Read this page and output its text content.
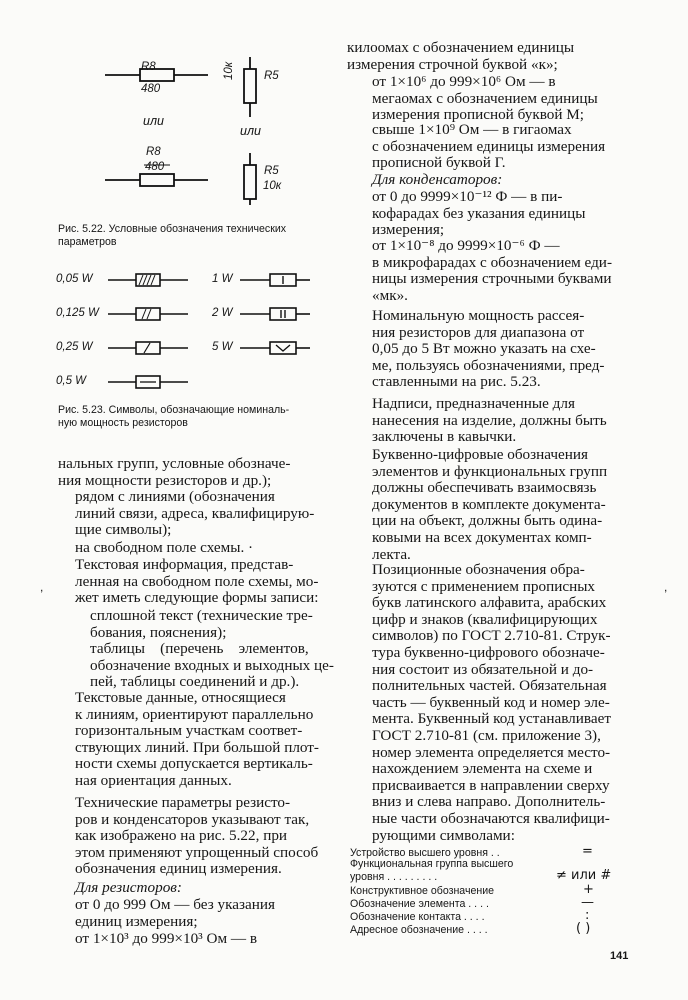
R8
480
или
R8
480
10к	R5
или
R5
10к

Рис. 5.22. Условные обозначения технических
параметров

0,05 W
0,125 W
0,25 W
0,5 W
1 W
2 W
5 W

Рис. 5.23. Символы, обозначающие номиналь-
ную мощность резисторов

нальных групп, условные обозначе-
ния мощности резисторов и др.);

рядом с линиями (обозначения
линий связи, адреса, квалифицирую-
щие символы);

на свободном поле схемы. ·

Текстовая информация, представ-
ленная на свободном поле схемы, мо-
жет иметь следующие формы записи:

сплошной текст (технические тре-
бования, пояснения);

таблицы    (перечень    элементов,
обозначение входных и выходных це-
пей, таблицы соединений и др.).

Текстовые данные, относящиеся
к линиям, ориентируют параллельно
горизонтальным участкам соответ-
ствующих линий. При большой плот-
ности схемы допускается вертикаль-
ная ориентация данных.

Технические параметры резисто-
ров и конденсаторов указывают так,
как изображено на рис. 5.22, при
этом применяют упрощенный способ
обозначения единиц измерения.

Для резисторов:

от 0 до 999 Ом — без указания
единиц измерения;

от 1×10³ до 999×10³ Ом — в

килоомах с обозначением единицы
измерения строчной буквой «к»;

от 1×10⁶ до 999×10⁶ Ом — в
мегаомах с обозначением единицы
измерения прописной буквой М;

свыше 1×10⁹ Ом — в гигаомах
с обозначением единицы измерения
прописной буквой Г.

Для конденсаторов:

от 0 до 9999×10⁻¹² Ф — в пи-
кофарадах без указания единицы
измерения;

от 1×10⁻⁸ до 9999×10⁻⁶ Ф —
в микрофарадах с обозначением еди-
ницы измерения строчными буквами
«мк».

Номинальную мощность рассея-
ния резисторов для диапазона от
0,05 до 5 Вт можно указать на схе-
ме, пользуясь обозначениями, пред-
ставленными на рис. 5.23.

Надписи, предназначенные для
нанесения на изделие, должны быть
заключены в кавычки.

Буквенно-цифровые обозначения
элементов и функциональных групп
должны обеспечивать взаимосвязь
документов в комплекте документа-
ции на объект, должны быть одина-
ковыми на всех документах комп-
лекта.

Позиционные обозначения обра-
зуются с применением прописных
букв латинского алфавита, арабских
цифр и знаков (квалифицирующих
символов) по ГОСТ 2.710-81. Струк-
тура буквенно-цифрового обозначе-
ния состоит из обязательной и до-
полнительных частей. Обязательная
часть — буквенный код и номер эле-
мента. Буквенный код устанавливает
ГОСТ 2.710-81 (см. приложение 3),
номер элемента определяется место-
нахождением элемента на схеме и
присваивается в направлении сверху
вниз и слева направо. Дополнитель-
ные части обозначаются квалифици-
рующими символами:

,
,
Устройство высшего уровня . .	=
Функциональная группа высшего
уровня . . . . . . . . .	≠ или #
Конструктивное обозначение	+
Обозначение элемента . . . .	—
Обозначение контакта . . . .	:
Адресное обозначение . . . .	( )
141
